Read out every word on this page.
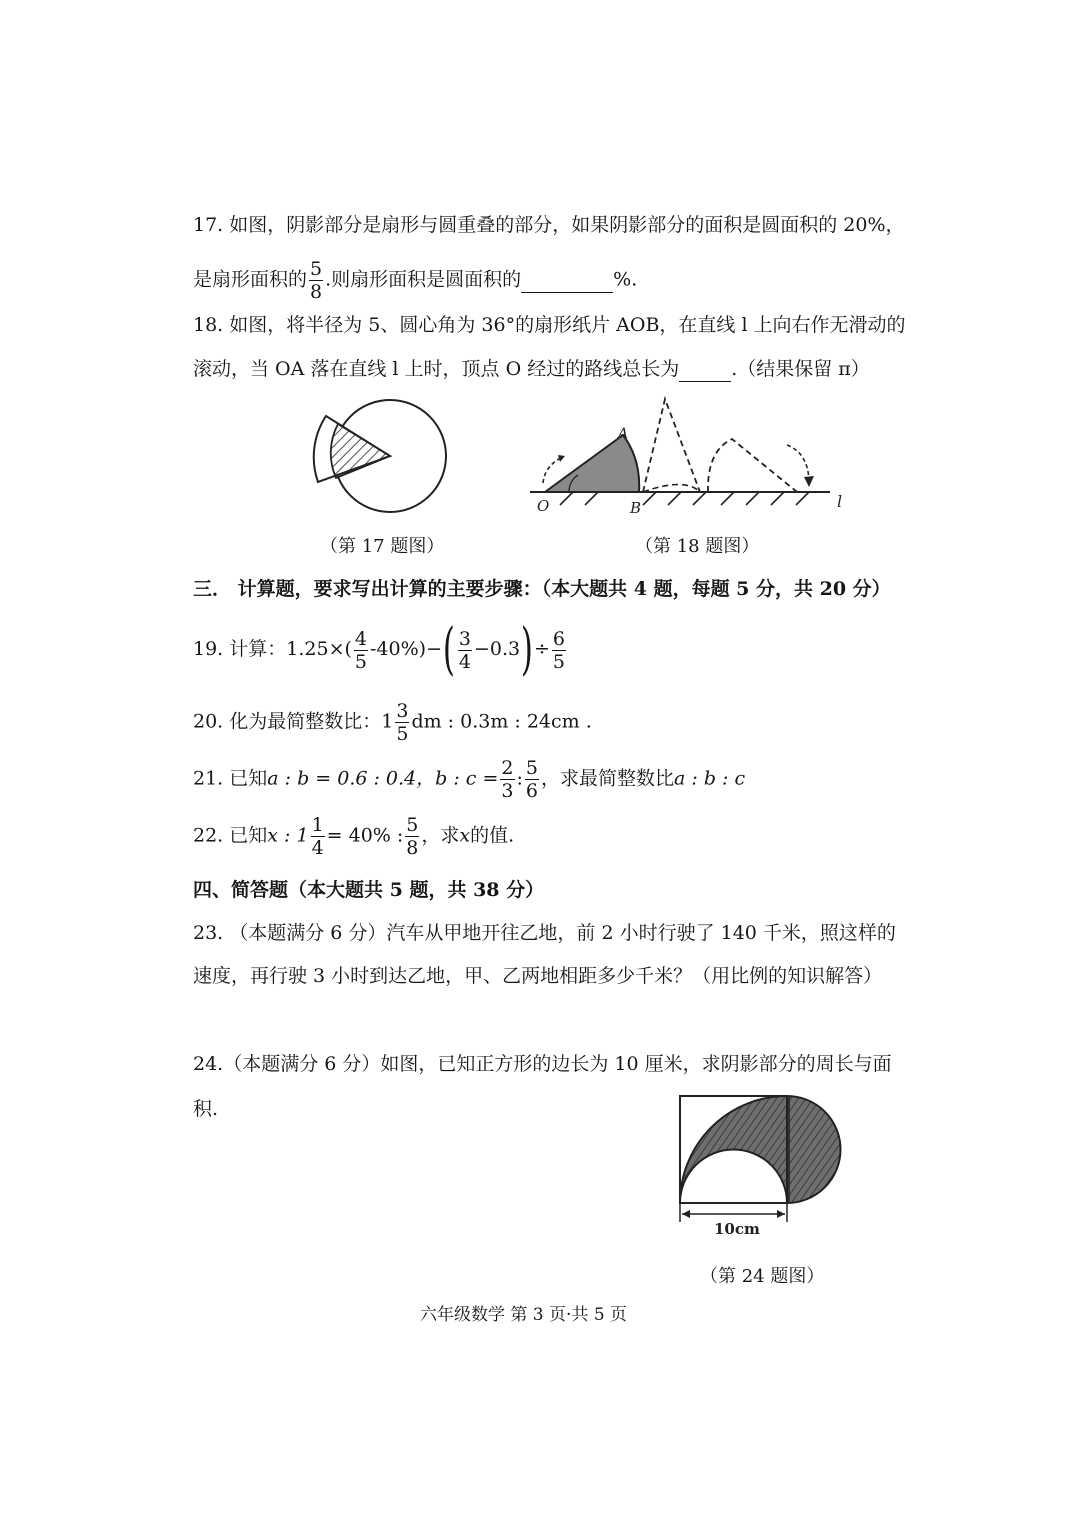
17. 如图，阴影部分是扇形与圆重叠的部分，如果阴影部分的面积是圆面积的 20%，
是扇形面积的 $\frac{5}{8}$ .则扇形面积是圆面积的	%.
18. 如图，将半径为 5、圆心角为 36°的扇形纸片 AOB，在直线 l 上向右作无滑动的
滚动，当 OA 落在直线 l 上时，顶点 O 经过的路线总长为	.（结果保留 π）
（第 17 题图）
O	B
A
l
（第 18 题图）
三． 计算题，要求写出计算的主要步骤：（本大题共 4 题，每题 5 分，共 20 分）
19. 计算：$1.25\times( \frac{4}{5} -40\%)-( \frac{3}{4} -0.3)\div \frac{6}{5}$
20. 化为最简整数比：$1 \frac{3}{5}$ dm : 0.3m : 24cm .
21. 已知a : b = 0.6 : 0.4，b : $c = \frac{2}{3}$ : $\frac{5}{6}$ ，求最简整数比a : b : c
22. 已知x : $1 \frac{1}{4} = 40\%$ : $\frac{5}{8}$ ，求x的值.
四、简答题（本大题共 5 题，共 38 分）
23. （本题满分 6 分）汽车从甲地开往乙地，前 2 小时行驶了 140 千米，照这样的
速度，再行驶 3 小时到达乙地，甲、乙两地相距多少千米？（用比例的知识解答）
24.（本题满分 6 分）如图，已知正方形的边长为 10 厘米，求阴影部分的周长与面
积.
10cm
（第 24 题图）
六年级数学 第 3 页·共 5 页
